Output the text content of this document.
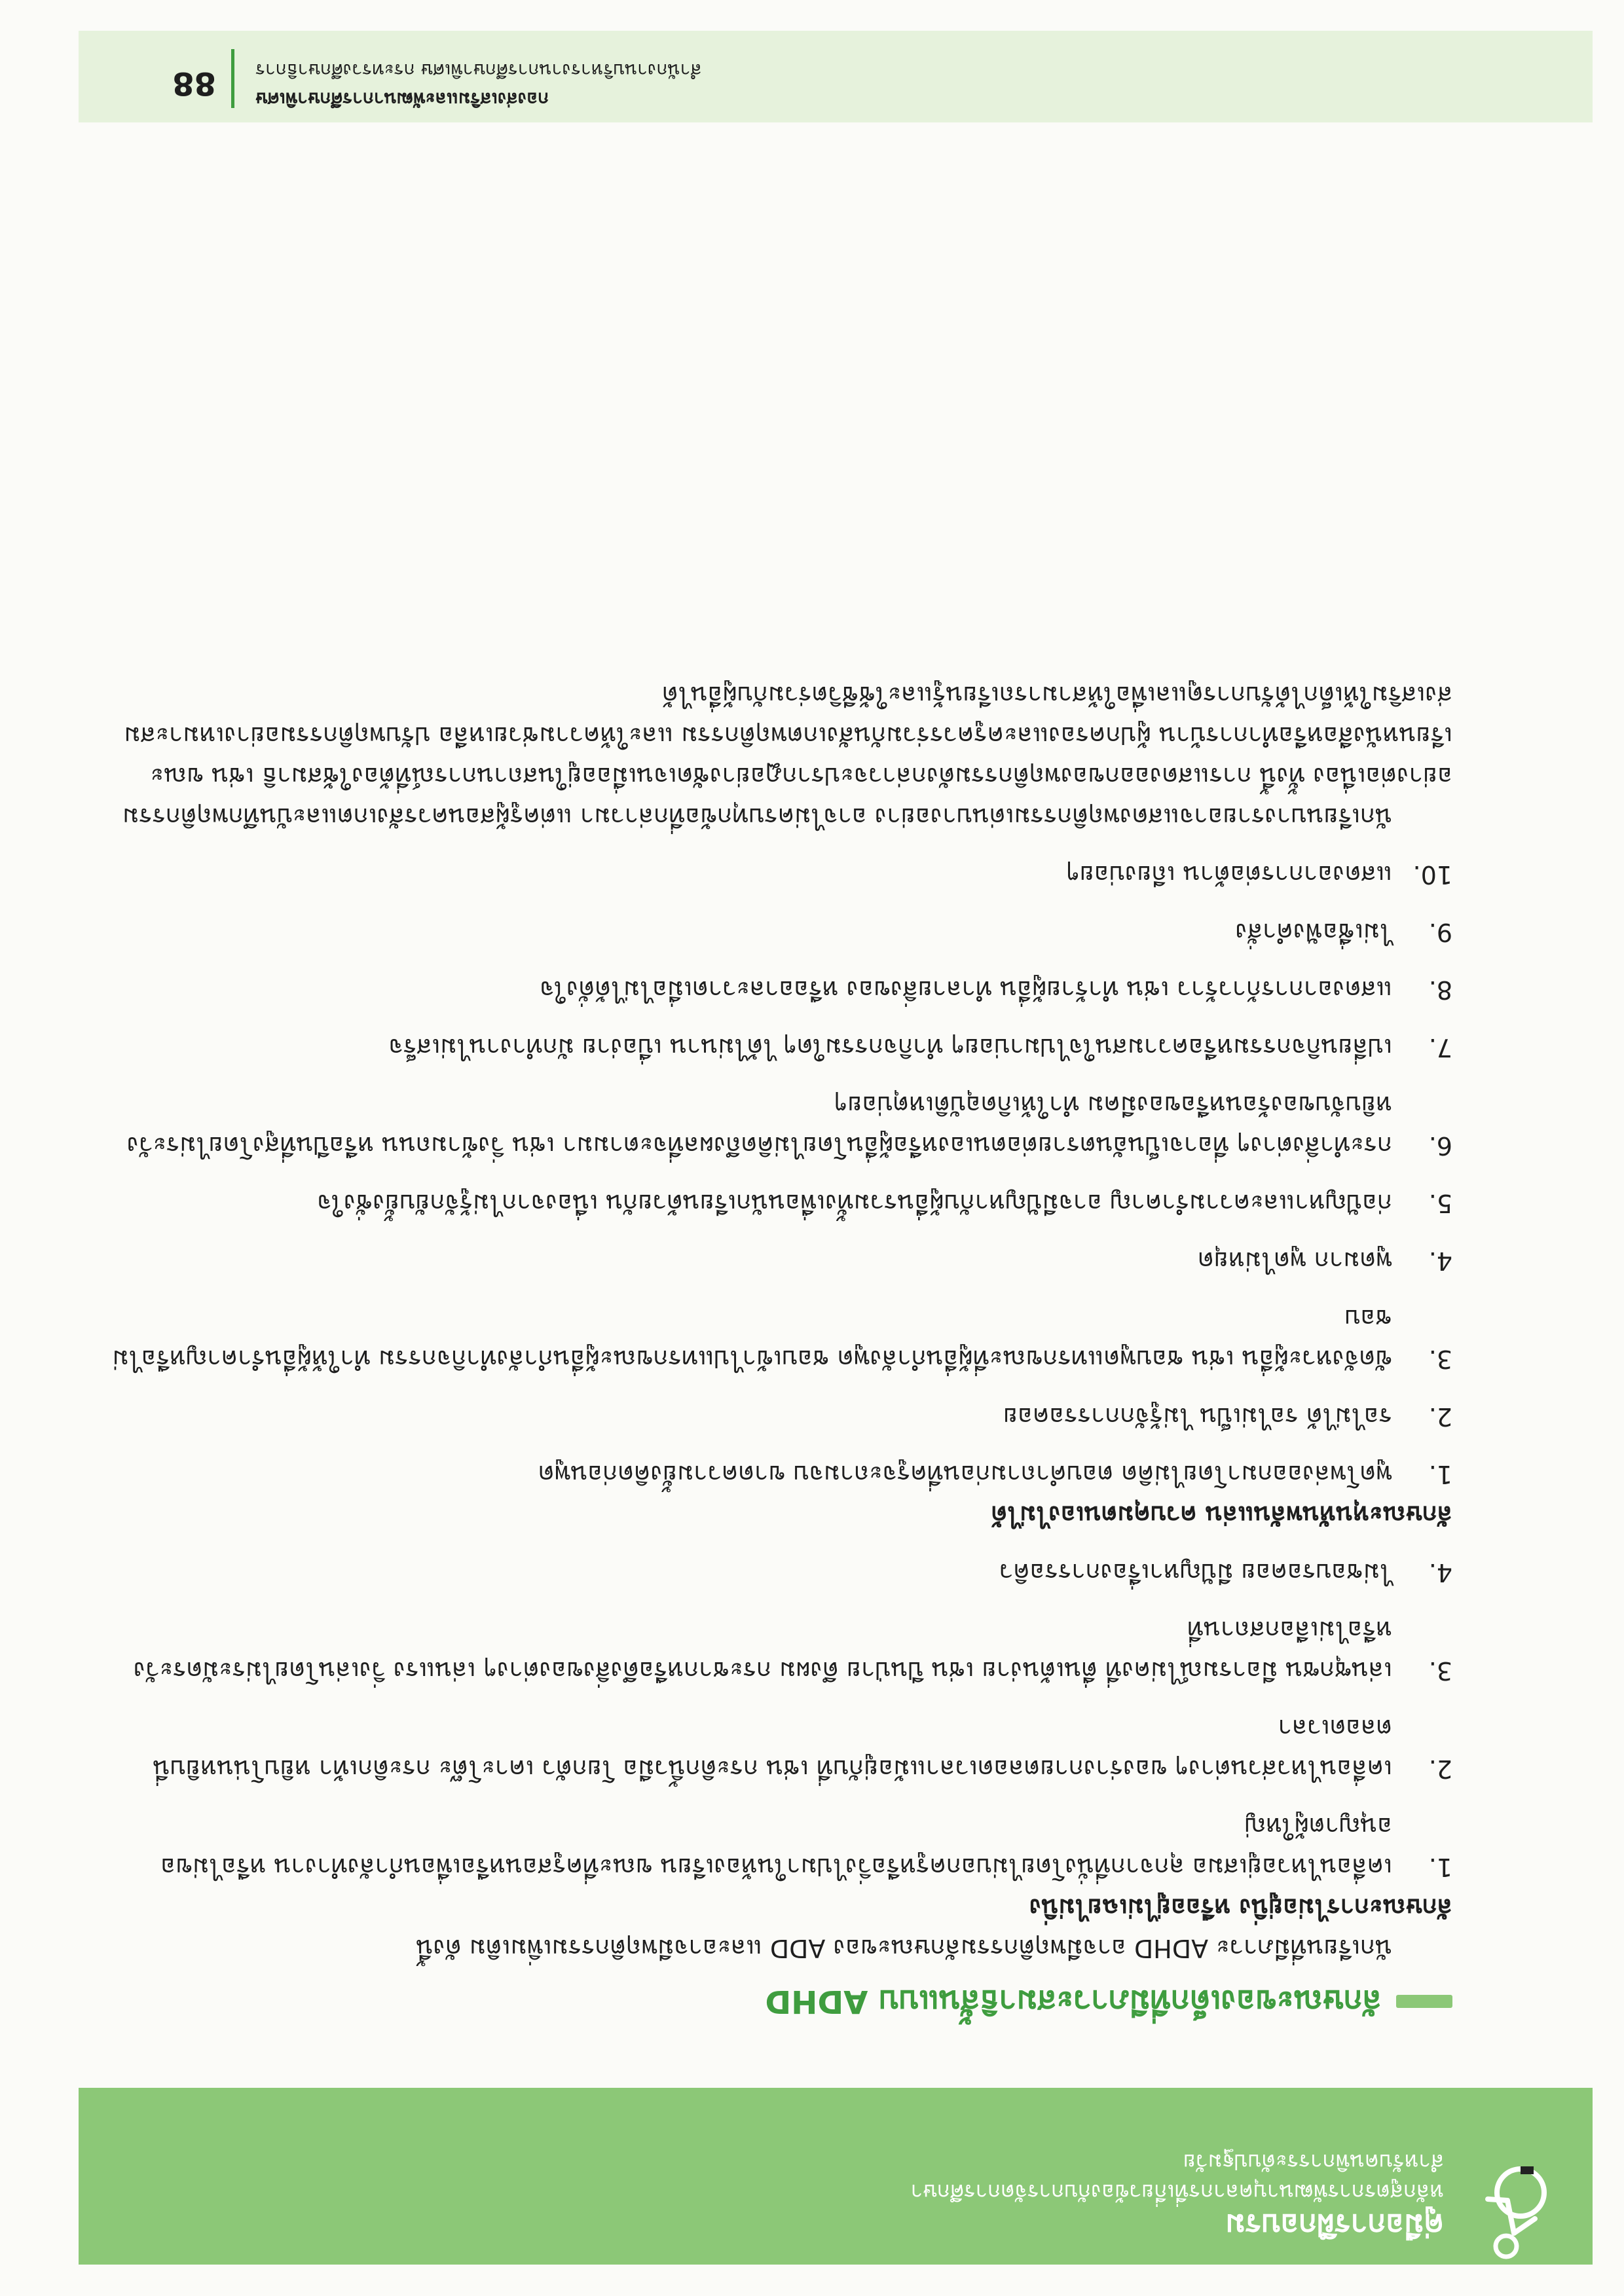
คู่มือการฝึกอบรม
หลักสูตรการพัฒนาบุคลากรที่เกี่ยวข้องกับการจัดการศึกษา
สำหรับคนพิการระดับปฐมวัย
ลักษณะของเด็กที่มีภาวะสมาธิสั้นแบบ ADHD

นักเรียนที่มีภาวะ ADHD อาจมีพฤติกรรมลักษณะของ ADD และอาจมีพฤติกรรมเพิ่มเติม ดังนี้

ลักษณะการไม่อยู่นิ่ง หรืออยู่ไม่เฉยไม่นิ่ง

1.
เคลื่อนไหวอยู่เสมอ ลุกจากที่นั่งโดยไม่บอกครูหรือวิ่งไปมาในห้องเรียน ขณะที่ครูสอนหรือเพื่อนกำลังทำงาน หรือไม่ขออนุญาตผู้ใหญ่
2.
เคลื่อนไหวส่วนต่างๆ ของร่างกายตลอดเวลาแม้อยู่กับที่ เช่น กระดิกนิ้วมือ โยกตัว เคาะโต๊ะ กระดิกเท้า หยิบโน่นหยิบนี่ตลอดเวลา
3.
เล่นซุกซน มีอารมณ์ไม่คงที่ ตื่นเต้นง่าย เช่น ปีนป่าย ดึงผม กระชากหรือดึงสิ่งของต่างๆ เล่นแรง วิ่งเล่นโดยไม่ระมัดระวังหรือไม่เลือกสถานที่
4.
ไม่ชอบรอคอย มีปัญหาเรื่องการรอคิว

ลักษณะหุนหันพลันแล่น ควบคุมตนเองไม่ได้

1.
พูดโพล่งออกมาโดยไม่คิด ตอบคำถามก่อนที่ครูจะถามจบ ขาดความยั้งคิดก่อนพูด
2.
รอไม่ได้ รอไม่เป็น ไม่รู้จักการรอคอย
3.
ขัดจังหวะผู้อื่น เช่น ชอบพูดแทรกขณะที่ผู้อื่นกำลังพูด ชอบเข้าไปแทรกขณะผู้อื่นกำลังทำกิจกรรม ทำให้ผู้อื่นรำคาญหรือไม่ชอบ
4.
พูดมาก พูดไม่หยุด
5.
ก่อปัญหาและความรำคาญ อาจมีปัญหากับผู้อื่นรวมทั้งเพื่อนนักเรียนด้วยกัน เนื่องจากไม่รู้จักยับยั้งชั่งใจ
6.
กระทำสิ่งต่างๆ ที่อาจเป็นอันตรายต่อตนเองหรือผู้อื่นโดยไม่คิดถึงผลที่จะตามมา เช่น วิ่งข้ามถนน หรือปีนที่สูงโดยไม่ระวัง หยิบจับของร้อนหรือของมีคม ทำให้เกิดอุบัติเหตุบ่อยๆ
7.
เปลี่ยนกิจกรรมหรือความสนใจไปมาบ่อยๆ ทำกิจกรรมใดๆ ได้ไม่นาน เบื่อง่าย มักทำงานไม่เสร็จ
8.
แสดงอาการก้าวร้าว เช่น ทำร้ายผู้อื่น ทำลายสิ่งของ หรืออาละวาดเมื่อไม่ได้ดั่งใจ
9.
ไม่เชื่อฟังคำสั่ง
10.
แสดงอาการต่อต้าน เถียงบ่อยๆ

นักเรียนบางรายอาจแสดงพฤติกรรมเด่นบางอย่าง อาจไม่ครบทุกข้อที่กล่าวมา แต่ครูผู้สอนควรสังเกตและบันทึกพฤติกรรมอย่างต่อเนื่อง ทั้งนี้ การแสดงออกของพฤติกรรมดังกล่าวจะปรากฏอย่างชัดเจนเมื่ออยู่ในสถานการณ์ที่ต้องใช้สมาธิ เช่น ขณะเรียนหนังสือหรือทำการบ้าน ผู้ปกครองและครูควรร่วมกันสังเกตพฤติกรรม และให้ความช่วยเหลือ ปรับพฤติกรรมอย่างเหมาะสม ส่งเสริมให้เด็กได้รับการดูแลเพื่อให้สามารถเรียนรู้และใช้ชีวิตร่วมกับผู้อื่นได้

กองส่งเสริมและพัฒนาการศึกษาพิเศษ
สำนักงานบริหารงานการศึกษาพิเศษ กระทรวงศึกษาธิการ
88
